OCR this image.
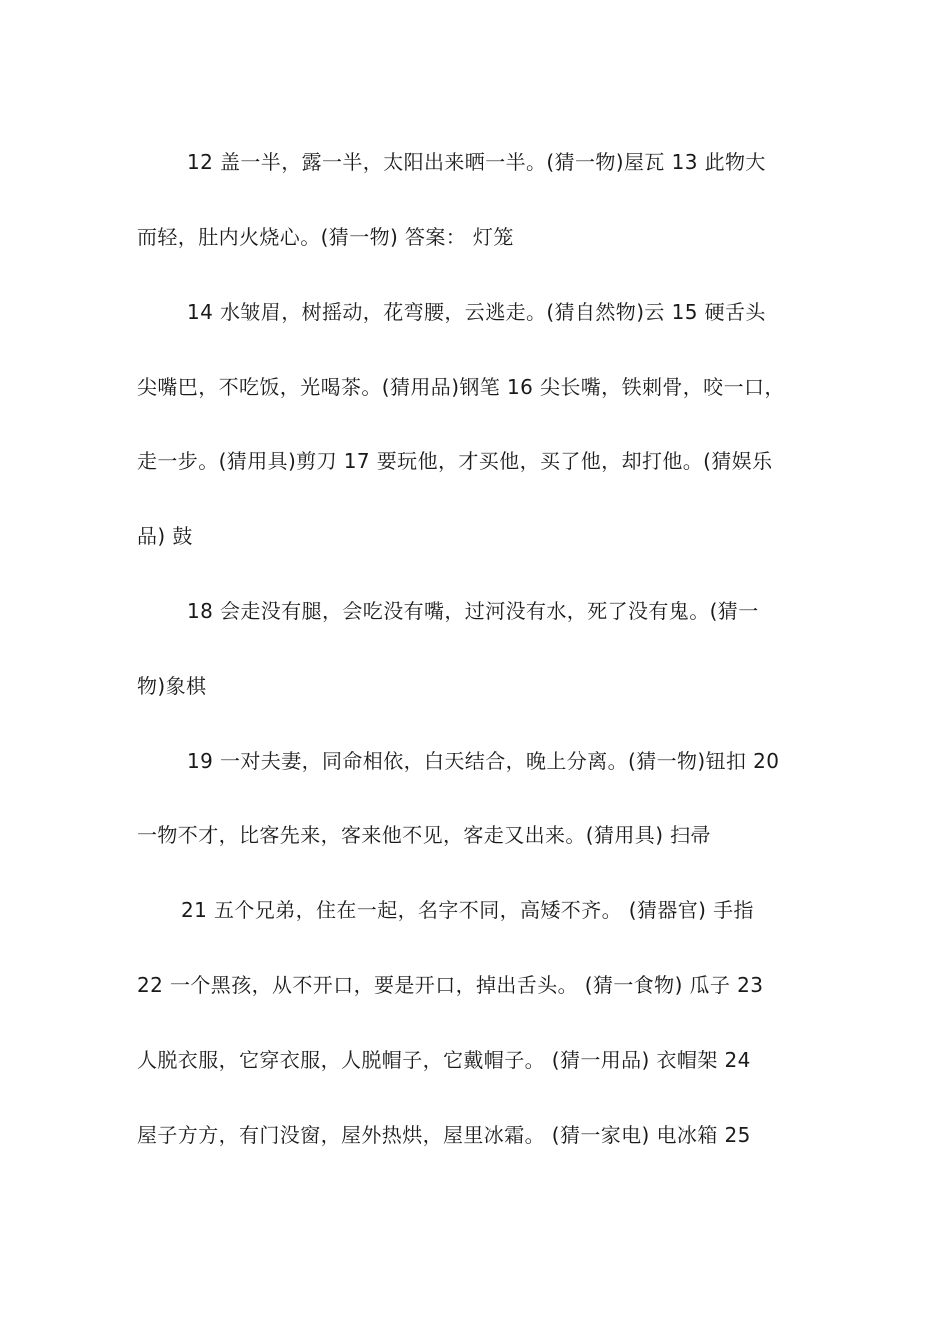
12 盖一半，露一半，太阳出来晒一半。(猜一物)屋瓦 13 此物大
而轻，肚内火烧心。(猜一物) 答案： 灯笼
14 水皱眉，树摇动，花弯腰，云逃走。(猜自然物)云 15 硬舌头
尖嘴巴，不吃饭，光喝茶。(猜用品)钢笔 16 尖长嘴，铁刺骨，咬一口，
走一步。(猜用具)剪刀 17 要玩他，才买他，买了他，却打他。(猜娱乐
品) 鼓
18 会走没有腿，会吃没有嘴，过河没有水，死了没有鬼。(猜一
物)象棋
19 一对夫妻，同命相依，白天结合，晚上分离。(猜一物)钮扣 20
一物不才，比客先来，客来他不见，客走又出来。(猜用具) 扫帚
21 五个兄弟，住在一起，名字不同，高矮不齐。 (猜器官) 手指
22 一个黑孩，从不开口，要是开口，掉出舌头。 (猜一食物) 瓜子 23
人脱衣服，它穿衣服，人脱帽子，它戴帽子。 (猜一用品) 衣帽架 24
屋子方方，有门没窗，屋外热烘，屋里冰霜。 (猜一家电) 电冰箱 25
